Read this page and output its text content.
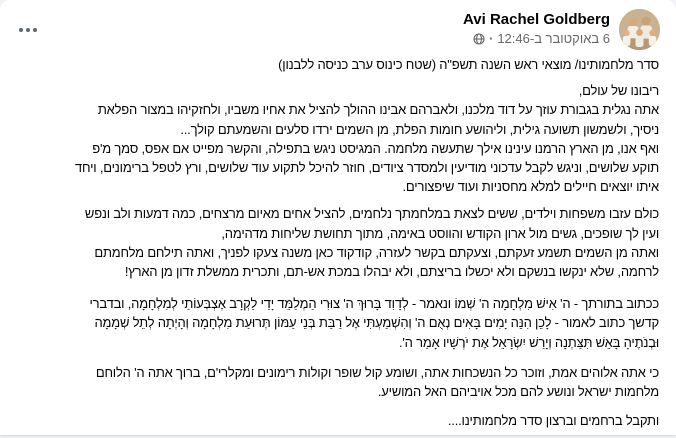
Avi Rachel Goldberg
6 באוקטובר ב-12:46
·
סדר מלחמותינו/ מוצאי ראש השנה תשפ"ה (שטח כינוס ערב כניסה ללבנון)
ריבונו של עולם,
אתה נגלית בגבורת עוזך על דוד מלכנו, ולאברהם אבינו ההולך להציל את אחיו משביו, ולחזקיהו במצור הפלאת
ניסיך, ולשמשון תשועה גילית, וליהושע חומות הפלת, מן השמים ירדו סלעים והשמעתם קולך...
ואף אנו, מן הארץ הרמנו עינינו אילך שתעשה מלחמה. המגיסט ניגש בתפילה, והקשר מפייט אם אפס, סמך מ'פ
תוקע שלושים, וניגש לקבל עדכוני מודיעין ולמסדר ציודים, חוזר להיכל לתקוע עוד שלושים, ורץ לטפל ברימונים, ויחד
איתו יוצאים חיילים למלא מחסניות ועוד שיפצורים.
כולם עזבו משפחות וילדים, ששים לצאת במלחמתך נלחמים, להציל אחים מאיום מרצחים, כמה דמעות ולב ונפש
ועין לך שופכים, גשים מול ארון הקודש והווסט באימה, מתוך תחושת שליחות מדהימה,
ואתה מן השמים תשמע זעקתם, וצעקתם בקשר לעזרה, קודקוד כאן משנה צעקו לפניך, ואתה תילחם מלחמתם
לרחמה, שלא ינקשו בנשקם ולא יכשלו בריצתם, ולא יבהלו במכת אש-תם, ותכרית ממשלת זדון מן הארץ!
ככתוב בתורתך - ה' אִישׁ מִלְחָמָה ה' שְׁמוֹ ונאמר - לְדָוִד בָּרוּךְ ה' צוּרִי הַמְלַמֵּד יָדַי לַקְרָב אֶצְבְּעוֹתַי לְמִלְחָמָה, ובדברי
קדשך כתוב לאמור - לָכֵן הִנֵּה יָמִים בָּאִים נְאֻם ה' וְהִשְׁמַעְתִּי אֶל רַבַּת בְּנֵי עַמּוֹן תְּרוּעַת מִלְחָמָה וְהָיְתָה לְתֵל שְׁמָמָה
וּבְנֹתֶיהָ בָּאֵשׁ תִּצַּתְנָה וְיָרַשׁ יִשְׂרָאֵל אֶת יֹרְשָׁיו אָמַר ה'.
כי אתה אלוהים אמת, וזוכר כל הנשכחות אתה, ושומע קול שופר וקולות רימונים ומקלרי'ם, ברוך אתה ה' הלוחם
מלחמות ישראל ונושע להם מכל אויביהם האל המושיע.
ותקבל ברחמים וברצון סדר מלחמותינו....
